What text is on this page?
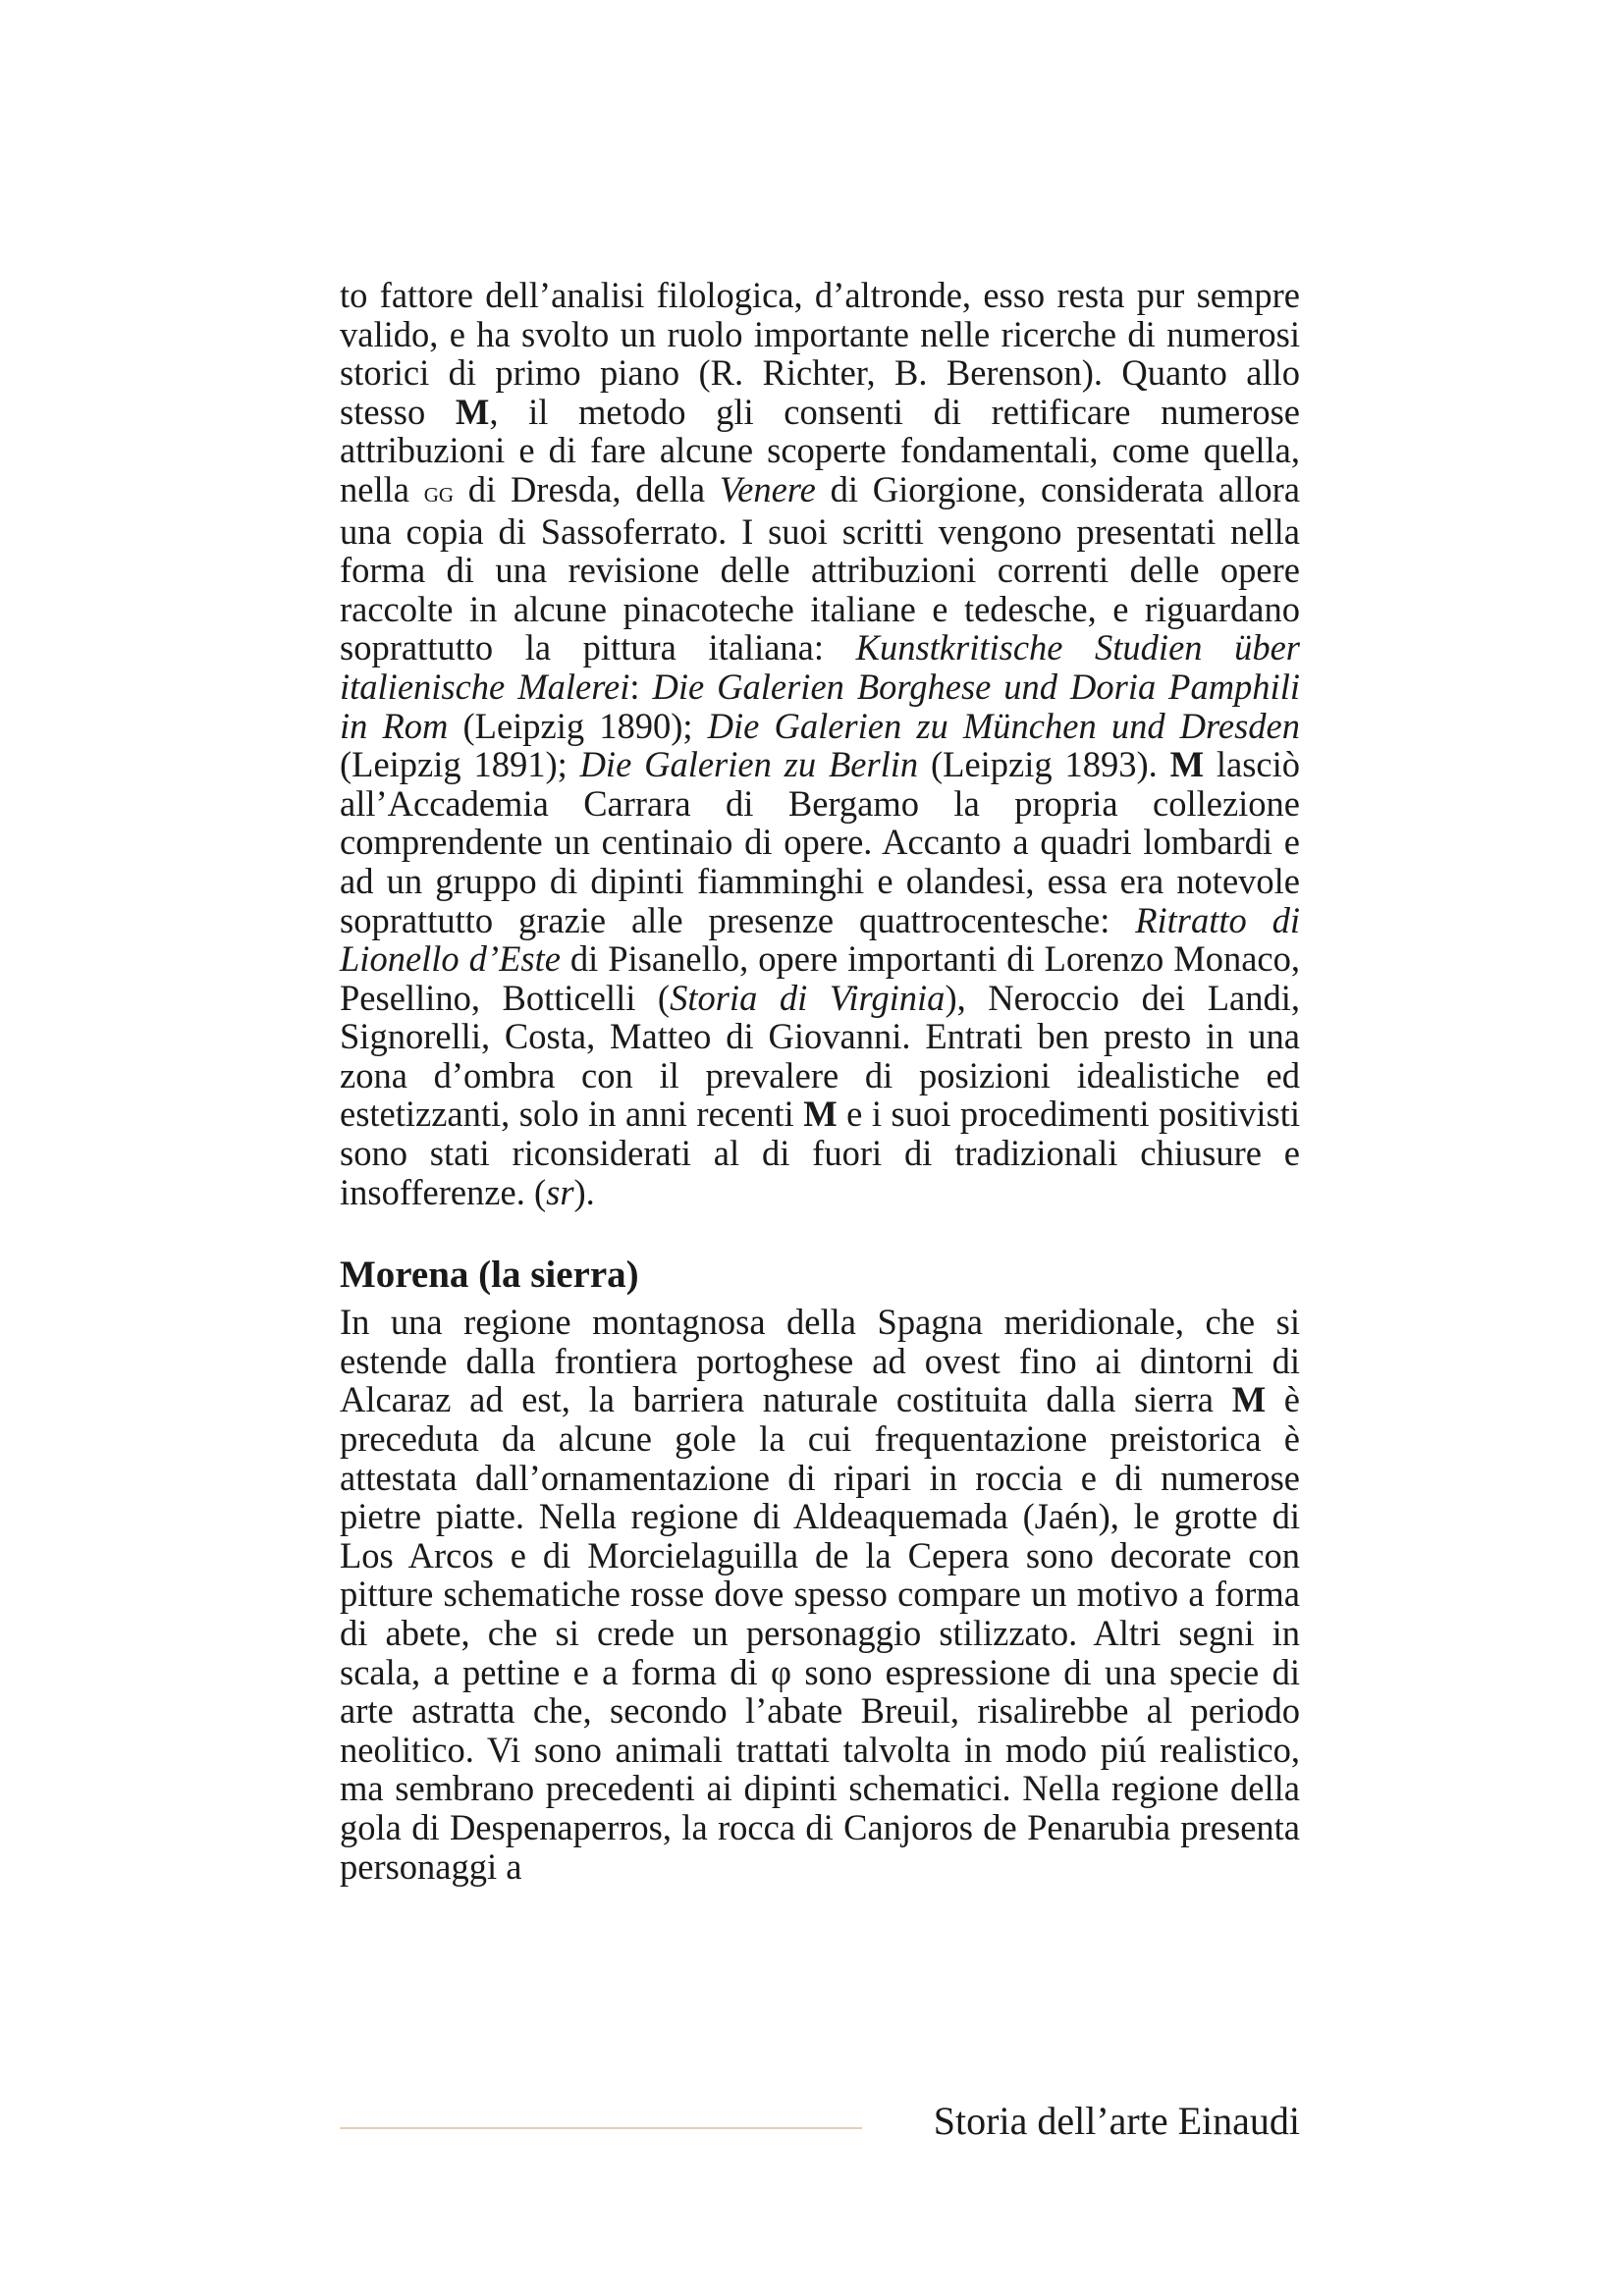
to fattore dell’analisi filologica, d’altronde, esso resta pur sempre valido, e ha svolto un ruolo importante nelle ricerche di numerosi storici di primo piano (R. Richter, B. Berenson). Quanto allo stesso M, il metodo gli consenti di rettificare numerose attribuzioni e di fare alcune scoperte fondamentali, come quella, nella gg di Dresda, della Venere di Giorgione, considerata allora una copia di Sassoferrato. I suoi scritti vengono presentati nella forma di una revisione delle attribuzioni correnti delle opere raccolte in alcune pinacoteche italiane e tedesche, e riguardano soprattutto la pittura italiana: Kunstkritische Studien über italienische Malerei: Die Galerien Borghese und Doria Pamphili in Rom (Leipzig 1890); Die Galerien zu München und Dresden (Leipzig 1891); Die Galerien zu Berlin (Leipzig 1893). M lasciò all’Accademia Carrara di Bergamo la propria collezione comprendente un centinaio di opere. Accanto a quadri lombardi e ad un gruppo di dipinti fiamminghi e olandesi, essa era notevole soprattutto grazie alle presenze quattrocentesche: Ritratto di Lionello d’Este di Pisanello, opere importanti di Lorenzo Monaco, Pesellino, Botticelli (Storia di Virginia), Neroccio dei Landi, Signorelli, Costa, Matteo di Giovanni. Entrati ben presto in una zona d’ombra con il prevalere di posizioni idealistiche ed estetizzanti, solo in anni recenti M e i suoi procedimenti positivisti sono stati riconsiderati al di fuori di tradizionali chiusure e insofferenze. (sr).

Morena (la sierra)

In una regione montagnosa della Spagna meridionale, che si estende dalla frontiera portoghese ad ovest fino ai dintorni di Alcaraz ad est, la barriera naturale costituita dalla sierra M è preceduta da alcune gole la cui frequentazione preistorica è attestata dall’ornamentazione di ripari in roccia e di numerose pietre piatte. Nella regione di Aldeaquemada (Jaén), le grotte di Los Arcos e di Morcielaguilla de la Cepera sono decorate con pitture schematiche rosse dove spesso compare un motivo a forma di abete, che si crede un personaggio stilizzato. Altri segni in scala, a pettine e a forma di φ sono espressione di una specie di arte astratta che, secondo l’abate Breuil, risalirebbe al periodo neolitico. Vi sono animali trattati talvolta in modo piú realistico, ma sembrano precedenti ai dipinti schematici. Nella regione della gola di Despenaperros, la rocca di Canjoros de Penarubia presenta personaggi a

Storia dell’arte Einaudi
